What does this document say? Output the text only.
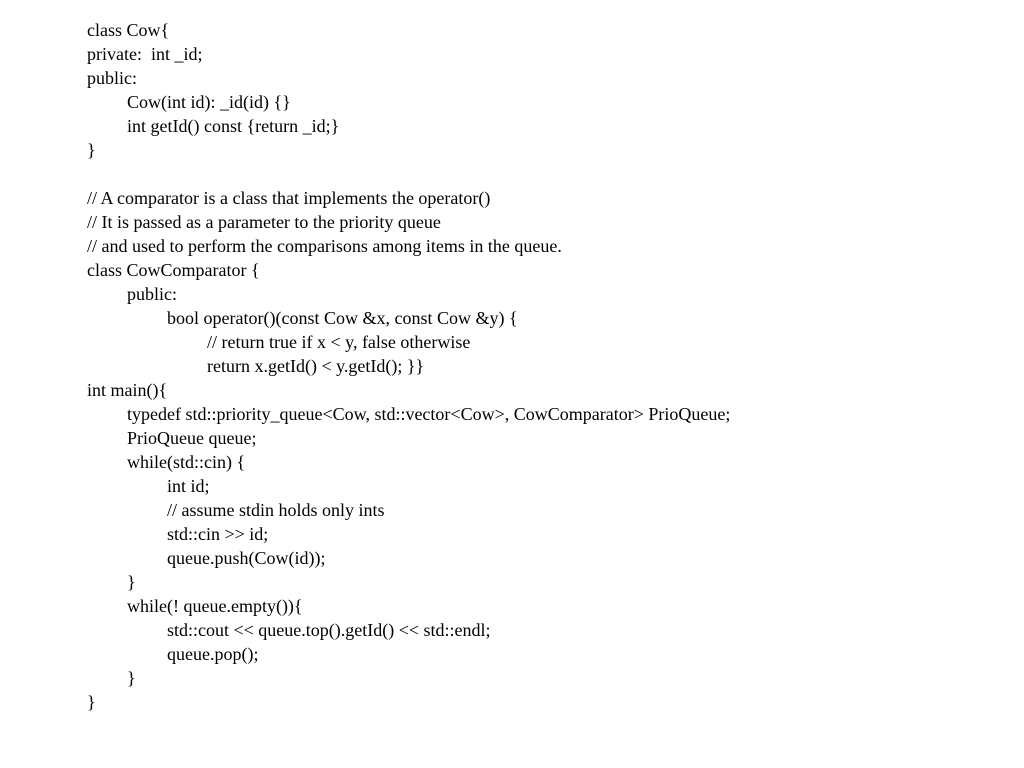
class Cow{
private:  int _id;
public:
Cow(int id): _id(id) {}
int getId() const {return _id;}
}
// A comparator is a class that implements the operator()
// It is passed as a parameter to the priority queue
// and used to perform the comparisons among items in the queue.
class CowComparator {
public:
bool operator()(const Cow &x, const Cow &y) {
// return true if x < y, false otherwise
return x.getId() < y.getId(); }}
int main(){
typedef std::priority_queue<Cow, std::vector<Cow>, CowComparator> PrioQueue;
PrioQueue queue;
while(std::cin) {
int id;
// assume stdin holds only ints
std::cin >> id;
queue.push(Cow(id));
}
while(! queue.empty()){
std::cout << queue.top().getId() << std::endl;
queue.pop();
}
}
